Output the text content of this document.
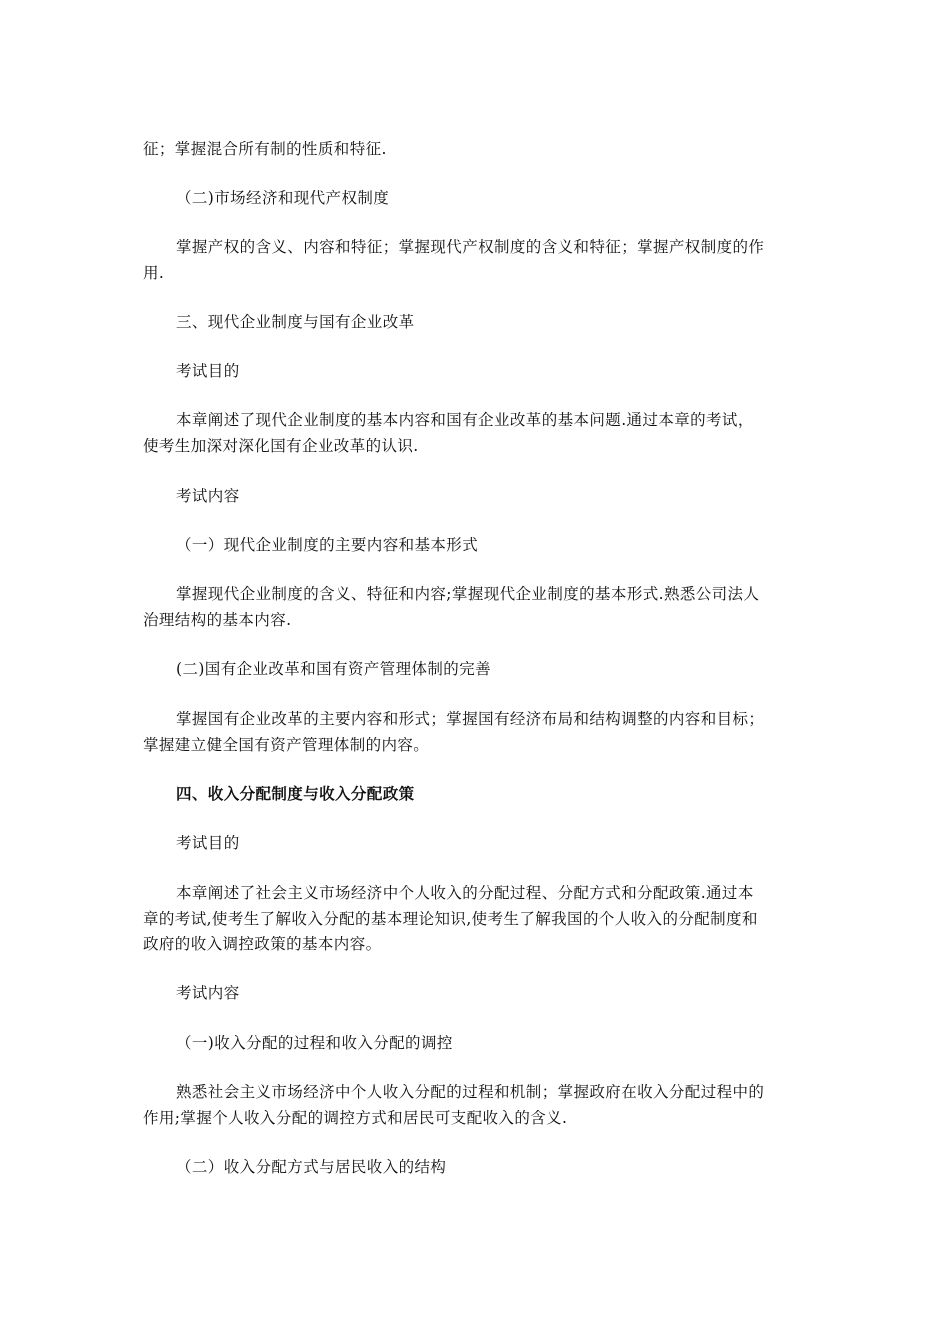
征；掌握混合所有制的性质和特征.
（二)市场经济和现代产权制度
掌握产权的含义、内容和特征；掌握现代产权制度的含义和特征；掌握产权制度的作
用.
三、现代企业制度与国有企业改革
考试目的
本章阐述了现代企业制度的基本内容和国有企业改革的基本问题.通过本章的考试，
使考生加深对深化国有企业改革的认识.
考试内容
（一）现代企业制度的主要内容和基本形式
掌握现代企业制度的含义、特征和内容;掌握现代企业制度的基本形式.熟悉公司法人
治理结构的基本内容.
(二)国有企业改革和国有资产管理体制的完善
掌握国有企业改革的主要内容和形式；掌握国有经济布局和结构调整的内容和目标；
掌握建立健全国有资产管理体制的内容。
四、收入分配制度与收入分配政策
考试目的
本章阐述了社会主义市场经济中个人收入的分配过程、分配方式和分配政策.通过本
章的考试,使考生了解收入分配的基本理论知识,使考生了解我国的个人收入的分配制度和
政府的收入调控政策的基本内容。
考试内容
（一)收入分配的过程和收入分配的调控
熟悉社会主义市场经济中个人收入分配的过程和机制；掌握政府在收入分配过程中的
作用;掌握个人收入分配的调控方式和居民可支配收入的含义.
（二）收入分配方式与居民收入的结构
